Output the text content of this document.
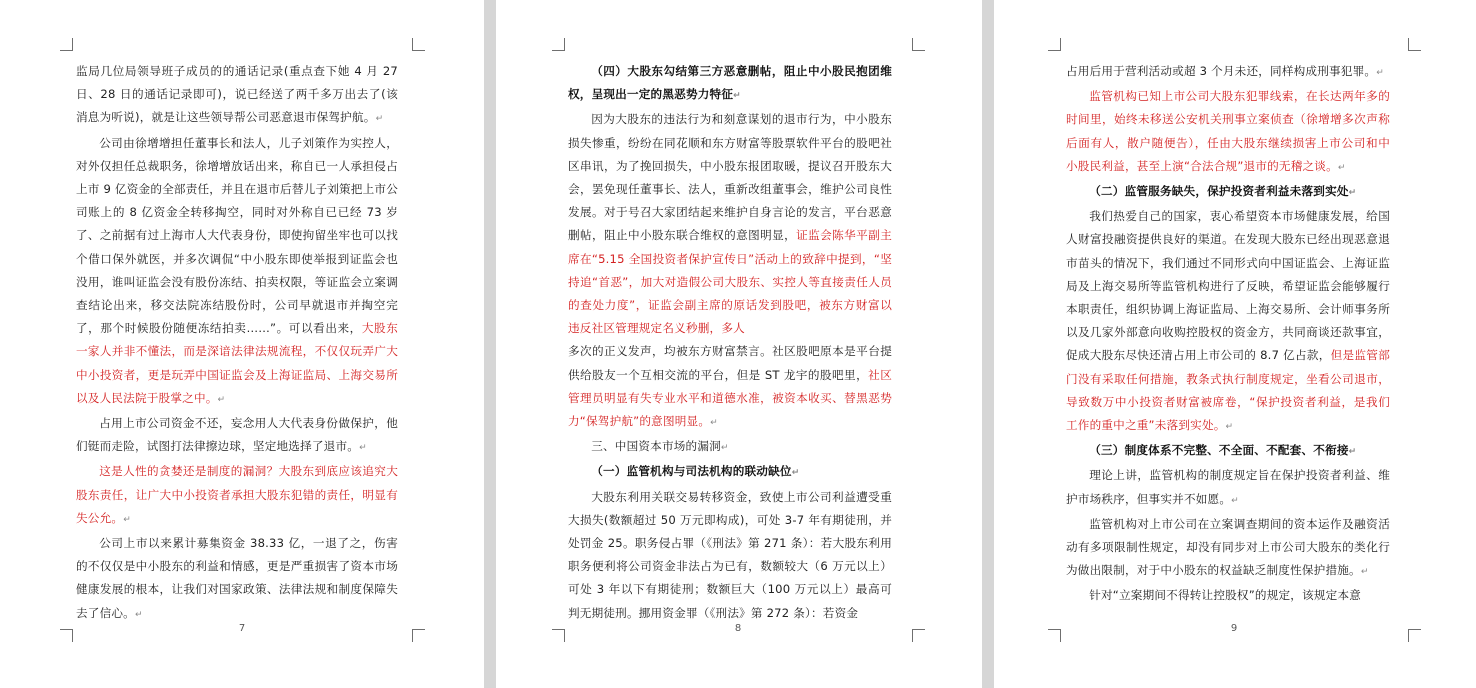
监局几位局领导班子成员的的通话记录(重点查下她 4 月 27 日、28 日的通话记录即可)，说已经送了两千多万出去了(该消息为听说)，就是让这些领导帮公司恶意退市保驾护航。↵

公司由徐增增担任董事长和法人，儿子刘策作为实控人，对外仅担任总裁职务，徐增增放话出来，称自已一人承担侵占上市 9 亿资金的全部责任，并且在退市后替儿子刘策把上市公司账上的 8 亿资金全转移掏空，同时对外称自已已经 73 岁了、之前据有过上海市人大代表身份，即使拘留坐牢也可以找个借口保外就医，并多次调侃“中小股东即使举报到证监会也没用，谁叫证监会没有股份冻结、拍卖权限，等证监会立案调查结论出来，移交法院冻结股份时，公司早就退市并掏空完了，那个时候股份随便冻结拍卖……”。可以看出来，大股东一家人并非不懂法，而是深谙法律法规流程，不仅仅玩弄广大中小投资者，更是玩弄中国证监会及上海证监局、上海交易所以及人民法院于股掌之中。↵

占用上市公司资金不还，妄念用人大代表身份做保护，他们铤而走险，试图打法律擦边球，坚定地选择了退市。↵

这是人性的贪婪还是制度的漏洞？大股东到底应该追究大股东责任，让广大中小投资者承担大股东犯错的责任，明显有失公允。↵

公司上市以来累计募集资金 38.33 亿，一退了之，伤害的不仅仅是中小股东的利益和情感，更是严重损害了资本市场健康发展的根本，让我们对国家政策、法律法规和制度保障失去了信心。↵

7

（四）大股东勾结第三方恶意删帖，阻止中小股民抱团维权，呈现出一定的黑恶势力特征↵

因为大股东的违法行为和刻意谋划的退市行为，中小股东损失惨重，纷纷在同花顺和东方财富等股票软件平台的股吧社区串讯，为了挽回损失，中小股东报团取暖，提议召开股东大会，罢免现任董事长、法人，重新改组董事会，维护公司良性发展。对于号召大家团结起来维护自身言论的发言，平台恶意删帖，阻止中小股东联合维权的意图明显，证监会陈华平副主席在“5.15 全国投资者保护宣传日”活动上的致辞中提到，“坚持追“首恶”，加大对造假公司大股东、实控人等直接责任人员的查处力度”，证监会副主席的原话发到股吧，被东方财富以违反社区管理规定名义秒删，多人

多次的正义发声，均被东方财富禁言。社区股吧原本是平台提供给股友一个互相交流的平台，但是 ST 龙宇的股吧里，社区管理员明显有失专业水平和道德水准，被资本收买、替黑恶势力“保驾护航”的意图明显。↵

三、中国资本市场的漏洞↵

（一）监管机构与司法机构的联动缺位↵

大股东利用关联交易转移资金，致使上市公司利益遭受重大损失(数额超过 50 万元即构成)，可处 3-7 年有期徒刑，并处罚金 25。职务侵占罪（《刑法》第 271 条）：若大股东利用职务便利将公司资金非法占为已有，数额较大（6 万元以上）可处 3 年以下有期徒刑；数额巨大（100 万元以上）最高可判无期徒刑。挪用资金罪（《刑法》第 272 条）：若资金

8

占用后用于营利活动或超 3 个月未还，同样构成刑事犯罪。↵

监管机构已知上市公司大股东犯罪线索，在长达两年多的时间里，始终未移送公安机关刑事立案侦查（徐增增多次声称后面有人，散户随便告），任由大股东继续损害上市公司和中小股民利益，甚至上演“合法合规”退市的无稽之谈。↵

（二）监管服务缺失，保护投资者利益未落到实处↵

我们热爱自己的国家，衷心希望资本市场健康发展，给国人财富投融资提供良好的渠道。在发现大股东已经出现恶意退市苗头的情况下，我们通过不同形式向中国证监会、上海证监局及上海交易所等监管机构进行了反映，希望证监会能够履行本职责任，组织协调上海证监局、上海交易所、会计师事务所以及几家外部意向收购控股权的资金方，共同商谈还款事宜，促成大股东尽快还清占用上市公司的 8.7 亿占款，但是监管部门没有采取任何措施，教条式执行制度规定，坐看公司退市，导致数万中小投资者财富被席卷，“保护投资者利益，是我们工作的重中之重”未落到实处。↵

（三）制度体系不完整、不全面、不配套、不衔接↵

理论上讲，监管机构的制度规定旨在保护投资者利益、维护市场秩序，但事实并不如愿。↵

监管机构对上市公司在立案调查期间的资本运作及融资活动有多项限制性规定，却没有同步对上市公司大股东的类化行为做出限制，对于中小股东的权益缺乏制度性保护措施。↵

针对“立案期间不得转让控股权”的规定，该规定本意

9
